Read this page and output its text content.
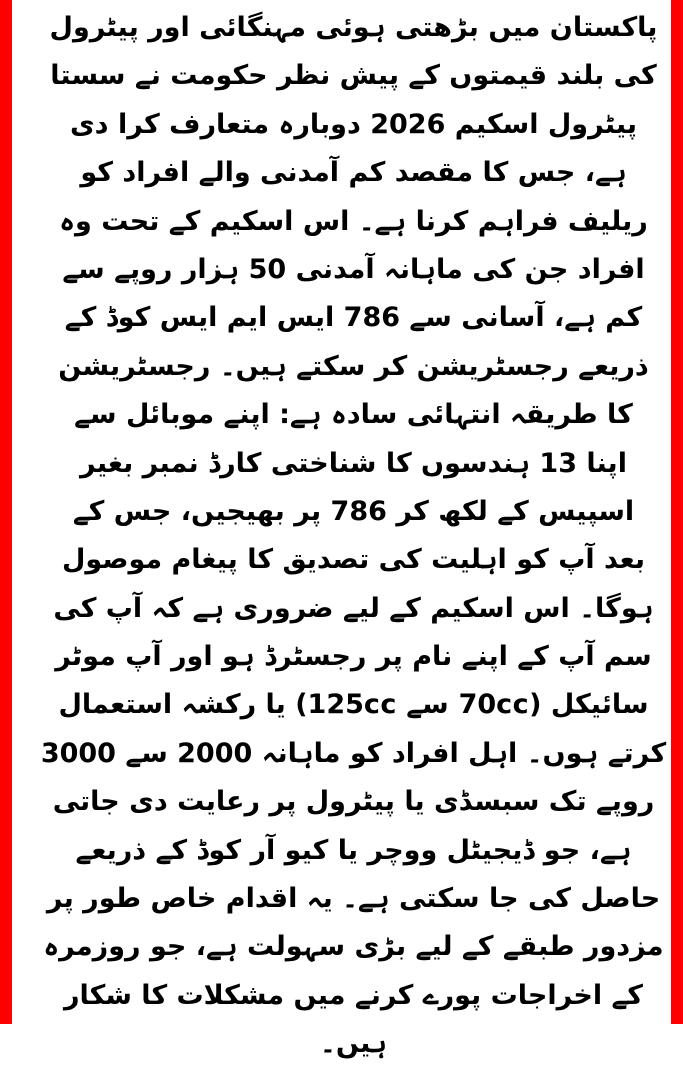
پاکستان میں بڑھتی ہوئی مہنگائی اور پیٹرول
کی بلند قیمتوں کے پیش نظر حکومت نے سستا
پیٹرول اسکیم 2026 دوبارہ متعارف کرا دی
ہے، جس کا مقصد کم آمدنی والے افراد کو
ریلیف فراہم کرنا ہے۔ اس اسکیم کے تحت وہ
افراد جن کی ماہانہ آمدنی 50 ہزار روپے سے
کم ہے، آسانی سے 786 ایس ایم ایس کوڈ کے
ذریعے رجسٹریشن کر سکتے ہیں۔ رجسٹریشن
کا طریقہ انتہائی سادہ ہے: اپنے موبائل سے
اپنا 13 ہندسوں کا شناختی کارڈ نمبر بغیر
اسپیس کے لکھ کر 786 پر بھیجیں، جس کے
بعد آپ کو اہلیت کی تصدیق کا پیغام موصول
ہوگا۔ اس اسکیم کے لیے ضروری ہے کہ آپ کی
سم آپ کے اپنے نام پر رجسٹرڈ ہو اور آپ موٹر
سائیکل (70cc سے 125cc) یا رکشہ استعمال
کرتے ہوں۔ اہل افراد کو ماہانہ 2000 سے 3000
روپے تک سبسڈی یا پیٹرول پر رعایت دی جاتی
ہے، جو ڈیجیٹل ووچر یا کیو آر کوڈ کے ذریعے
حاصل کی جا سکتی ہے۔ یہ اقدام خاص طور پر
مزدور طبقے کے لیے بڑی سہولت ہے، جو روزمرہ
کے اخراجات پورے کرنے میں مشکلات کا شکار
ہیں۔
